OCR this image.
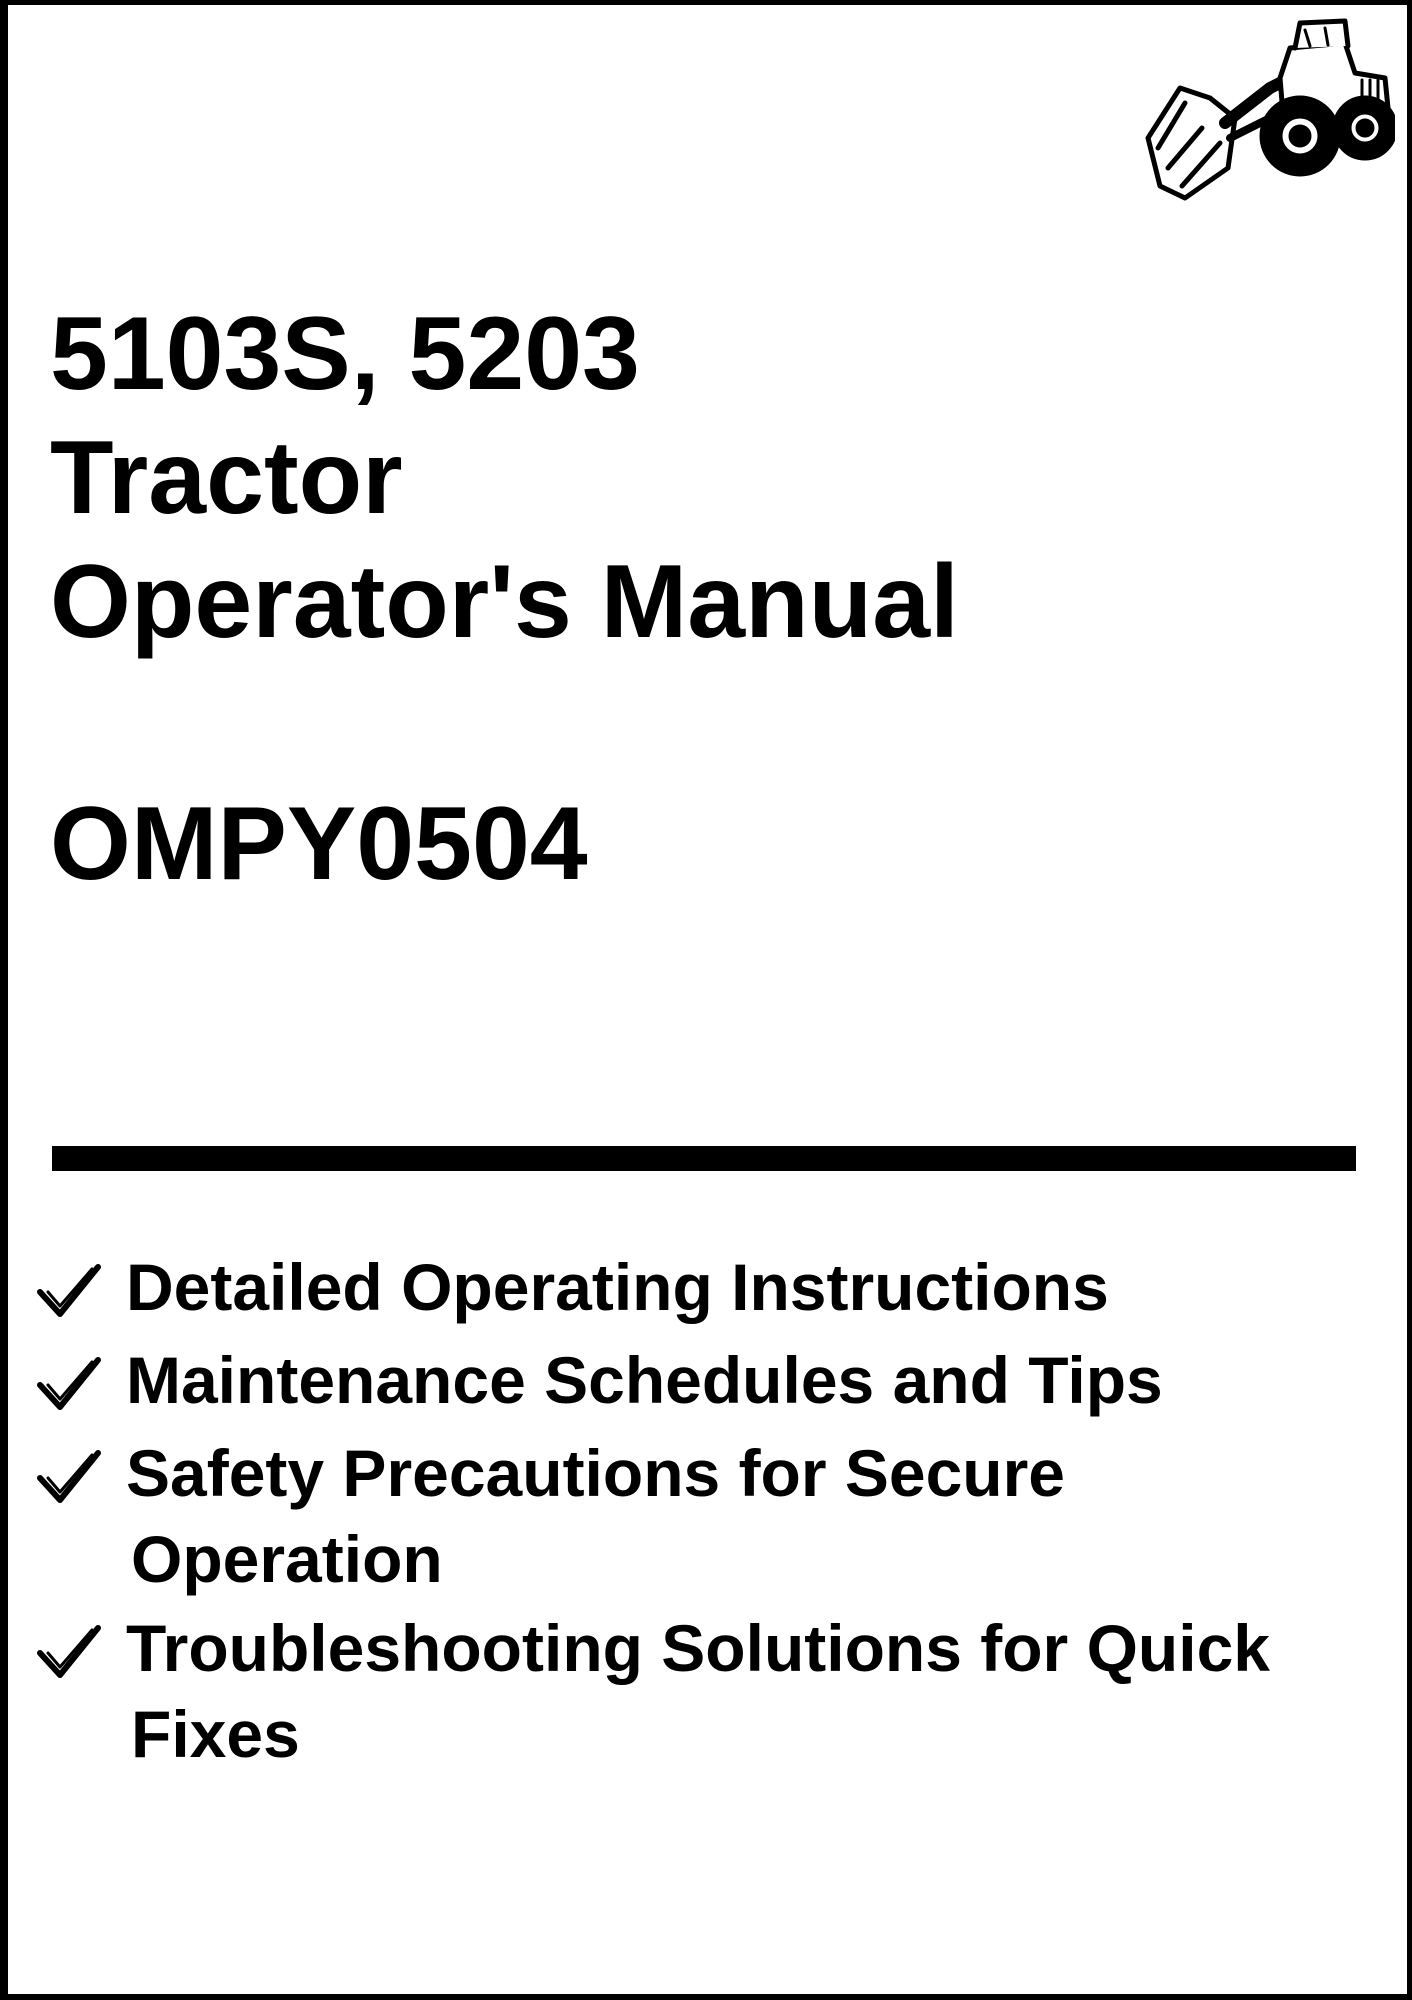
5103S, 5203
Tractor
Operator's Manual
OMPY0504
Detailed Operating Instructions
Maintenance Schedules and Tips
Safety Precautions for Secure
Operation
Troubleshooting Solutions for Quick
Fixes
